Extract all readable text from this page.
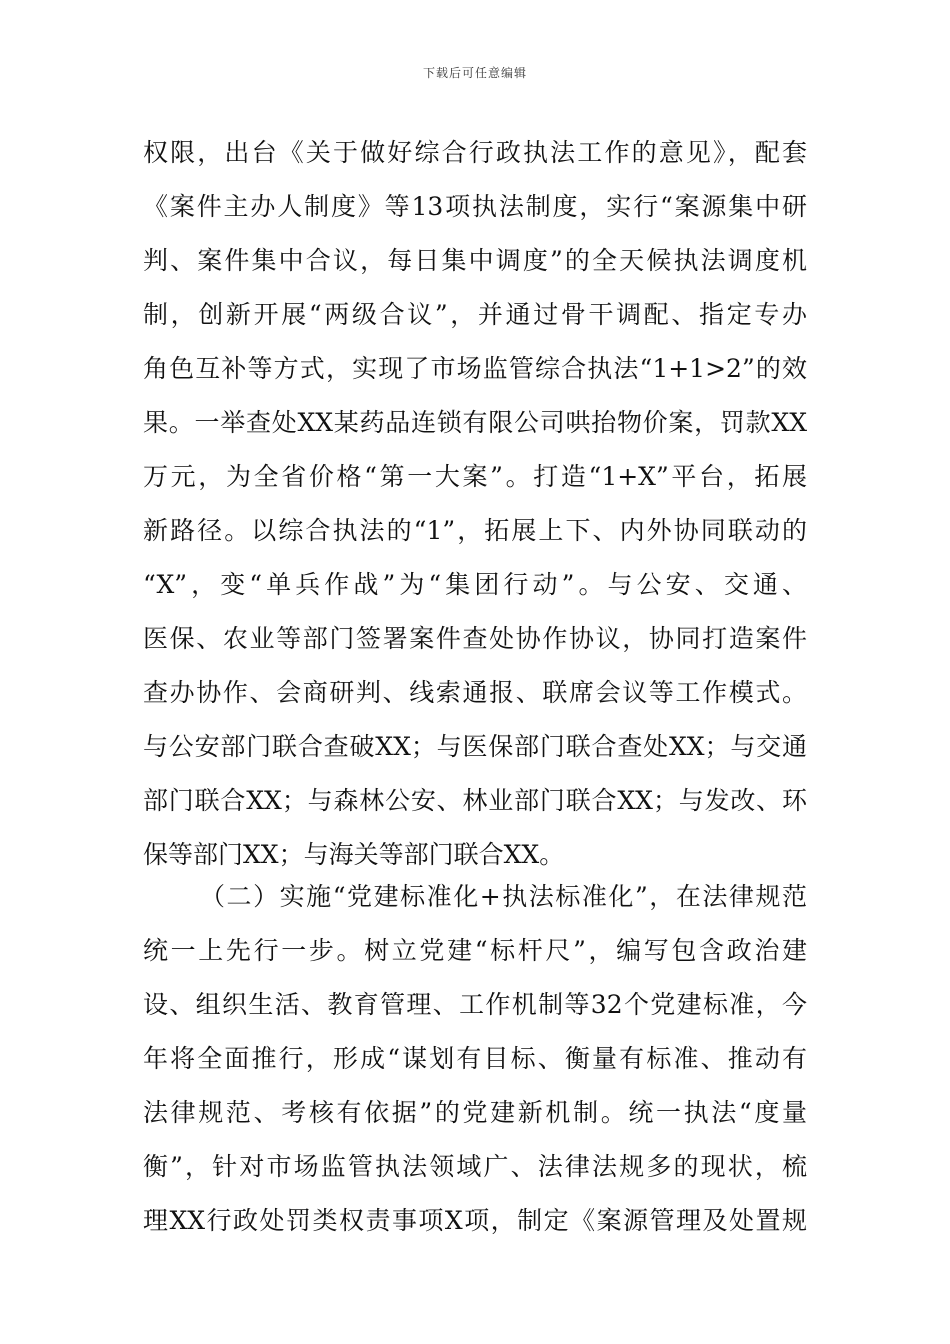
下载后可任意编辑
权限，出台《关于做好综合行政执法工作的意见》，配套
《案件主办人制度》等13项执法制度，实行“案源集中研
判、案件集中合议，每日集中调度”的全天候执法调度机
制，创新开展“两级合议”，并通过骨干调配、指定专办
角色互补等方式，实现了市场监管综合执法“1+1>2”的效
果。一举查处XX某药品连锁有限公司哄抬物价案，罚款XX
万元，为全省价格“第一大案”。打造“1+X”平台，拓展
新路径。以综合执法的“1”，拓展上下、内外协同联动的
“X”，变“单兵作战”为“集团行动”。与公安、交通、
医保、农业等部门签署案件查处协作协议，协同打造案件
查办协作、会商研判、线索通报、联席会议等工作模式。
与公安部门联合查破XX；与医保部门联合查处XX；与交通
部门联合XX；与森林公安、林业部门联合XX；与发改、环
保等部门XX；与海关等部门联合XX。
（二）实施“党建标准化+执法标准化”，在法律规范
统一上先行一步。树立党建“标杆尺”，编写包含政治建
设、组织生活、教育管理、工作机制等32个党建标准，今
年将全面推行，形成“谋划有目标、衡量有标准、推动有
法律规范、考核有依据”的党建新机制。统一执法“度量
衡”，针对市场监管执法领域广、法律法规多的现状，梳
理XX行政处罚类权责事项X项，制定《案源管理及处置规
